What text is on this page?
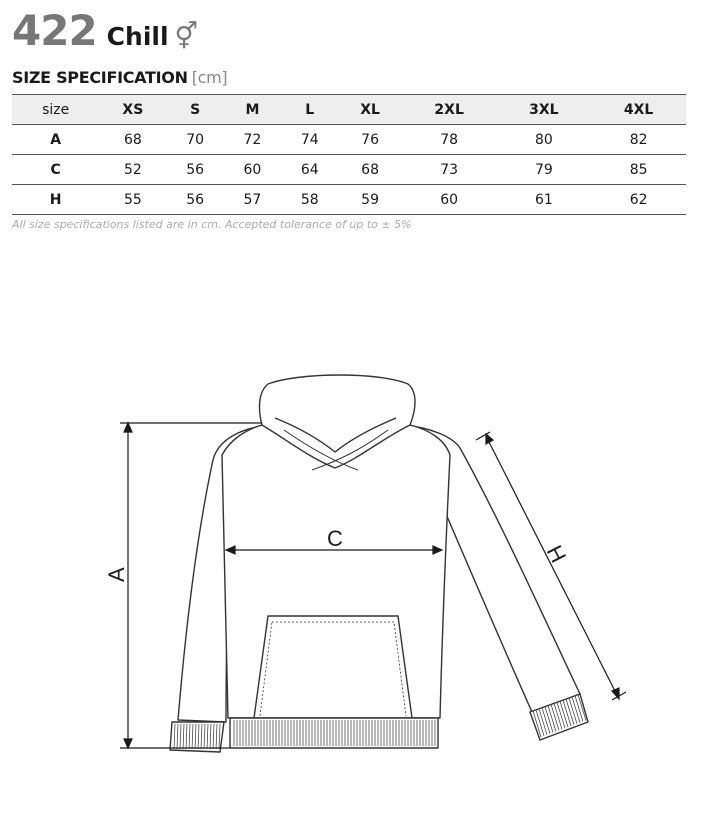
422 Chill ⚥
SIZE SPECIFICATION [cm]
size	XS	S	M	L	XL	2XL	3XL	4XL
A	68	70	72	74	76	78	80	82
C	52	56	60	64	68	73	79	85
H	55	56	57	58	59	60	61	62
All size specifications listed are in cm. Accepted tolerance of up to ± 5%
A
C
H
